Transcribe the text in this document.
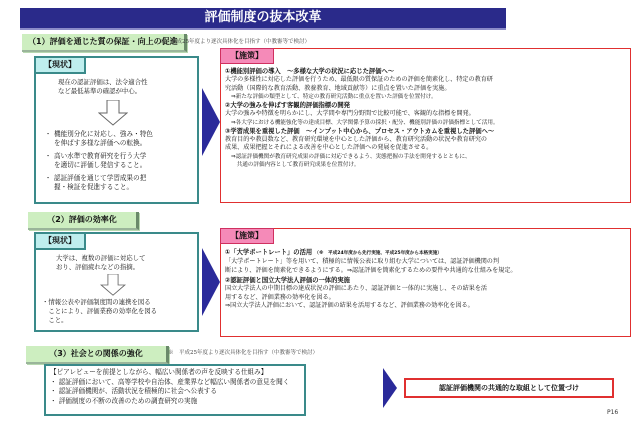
評価制度の抜本改革
（1）評価を通じた質の保証・向上の促進
※　平成25年度より逐次具体化を目指す（中教審等で検討）
【現状】
現在の認証評価は、法令適合性
など最低基準の確認が中心。
・ 機能別分化に対応し、強み・特色
を伸ばす多様な評価への転換。
・ 高い水準で教育研究を行う大学
を適切に評価し発信すること。
・ 認証評価を通じて学習成果の把
握・検証を促進すること。
【施策】
①機能別評価の導入　～多様な大学の状況に応じた評価へ～
大学の多様性に対応した評価を行うため、最低限の質保証のための評価を簡素化し、特定の教育研
究活動（国際的な教育活動、教養教育、地域貢献等）に重点を置いた評価を実施。
⇒新たな評価の類型として、特定の教育研究活動に重点を置いた評価を位置付け。
②大学の強みを伸ばす客観的評価指標の開発
大学の強みや特徴を明らかにし、大学間や専門分野間で比較可能で、客観的な指標を開発。
⇒各大学における機能強化等の達成目標、大学関係予算の採択・配分、機能別評価の評価指標として活用。
③学習成果を重視した評価　～インプット中心から、プロセス・アウトカムを重視した評価へ～
教育目的や教員数など、教育研究環境を中心とした評価から、教育研究活動の状況や教育研究の
成果、成果把握とそれによる改善を中心とした評価への発展を促進させる。
⇒認証評価機関が教育研究成果の評価に対応できるよう、実態把握の手法を開発するとともに、
　共通の評価内容として教育研究成果を位置付け。
（2）評価の効率化
【現状】
大学は、複数の評価に対応して
おり、評価疲れなどの指摘。
・情報公表や評価制度間の連携を図る
　ことにより、評価業務の効率化を図る
　こと。
【施策】
①「大学ポートレート」の活用 （※　平成24年度から先行実施、平成25年度から本格実施）
「大学ポートレート」等を用いて、積極的に情報公表に取り組む大学については、認証評価機関の判
断により、評価を簡素化できるようにする。⇒認証評価を簡素化するための要件や共通的な仕組みを規定。
②認証評価と国立大学法人評価の一体的実施
国立大学法人の中期目標の達成状況の評価にあたり、認証評価と一体的に実施し、その結果を活
用するなど、評価業務の効率化を図る。
⇒国立大学法人評価において、認証評価の結果を活用するなど、評価業務の効率化を図る。
（3）社会との関係の強化	※　平成25年度より逐次具体化を目指す（中教審等で検討）
【ピアレビューを前提としながら、幅広い関係者の声を反映する仕組み】
・ 認証評価において、高等学校や自治体、産業界など幅広い関係者の意見を聞く
・ 認証評価機関が、活動状況を積極的に社会へ公表する
・ 評価制度の不断の改善のための調査研究の実施
認証評価機関の共通的な取組として位置づけ
P16
